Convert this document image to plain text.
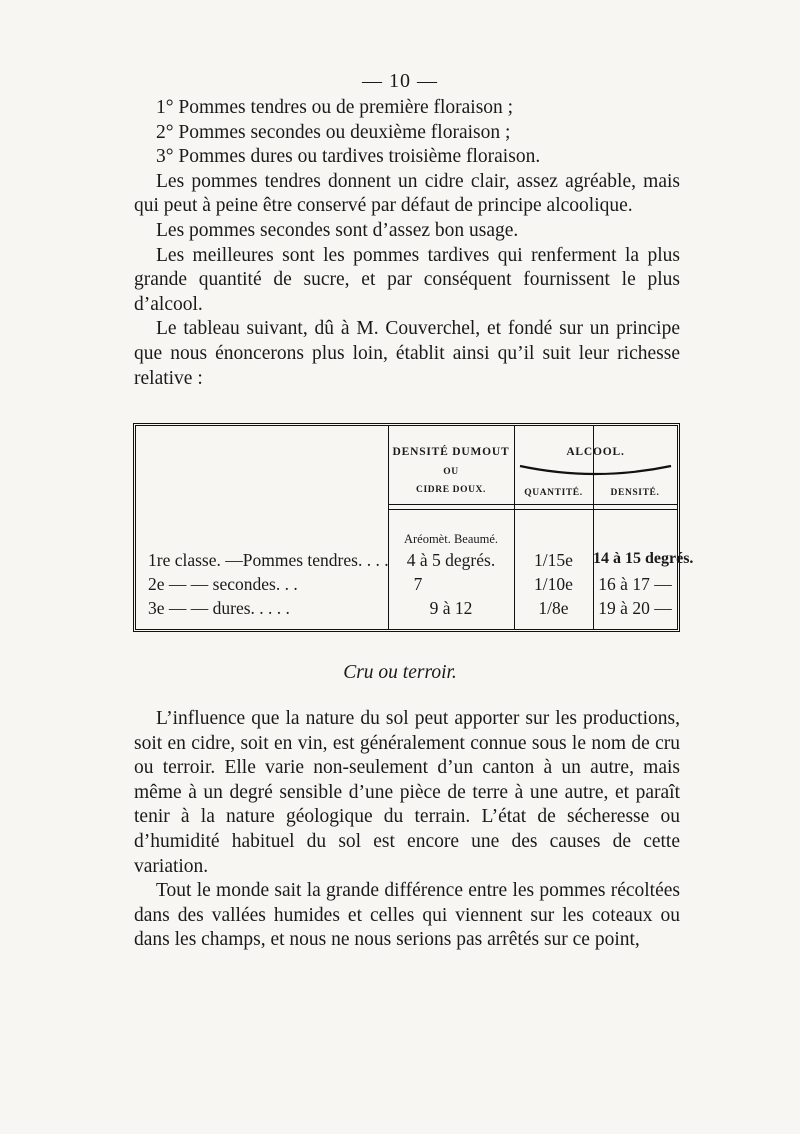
— 10 —

1° Pommes tendres ou de première floraison ;

2° Pommes secondes ou deuxième floraison ;

3° Pommes dures ou tardives troisième floraison.

Les pommes tendres donnent un cidre clair, assez agréable, mais qui peut à peine être conservé par défaut de principe alcoolique.

Les pommes secondes sont d’assez bon usage.

Les meilleures sont les pommes tardives qui renferment la plus grande quantité de sucre, et par conséquent fournissent le plus d’alcool.

Le tableau suivant, dû à M. Couverchel, et fondé sur un principe que nous énoncerons plus loin, établit ainsi qu’il suit leur richesse relative :

DENSITÉ DUMOUT
OU
CIDRE DOUX.
ALCOOL.
QUANTITÉ.	DENSITÉ.
Aréomèt. Beaumé.
1re classe. —Pommes tendres. . . .	4 à 5 degrés.	1/15e	14 à 15 degrés.
2e — — secondes. . .	7	1/10e	16 à 17 —
3e — — dures. . . . .	9 à 12	1/8e	19 à 20 —
Cru ou terroir.

L’influence que la nature du sol peut apporter sur les productions, soit en cidre, soit en vin, est généralement connue sous le nom de cru ou terroir. Elle varie non-seulement d’un canton à un autre, mais même à un degré sensible d’une pièce de terre à une autre, et paraît tenir à la nature géologique du terrain. L’état de sécheresse ou d’humidité habituel du sol est encore une des causes de cette variation.

Tout le monde sait la grande différence entre les pommes récoltées dans des vallées humides et celles qui viennent sur les coteaux ou dans les champs, et nous ne nous serions pas arrêtés sur ce point,
